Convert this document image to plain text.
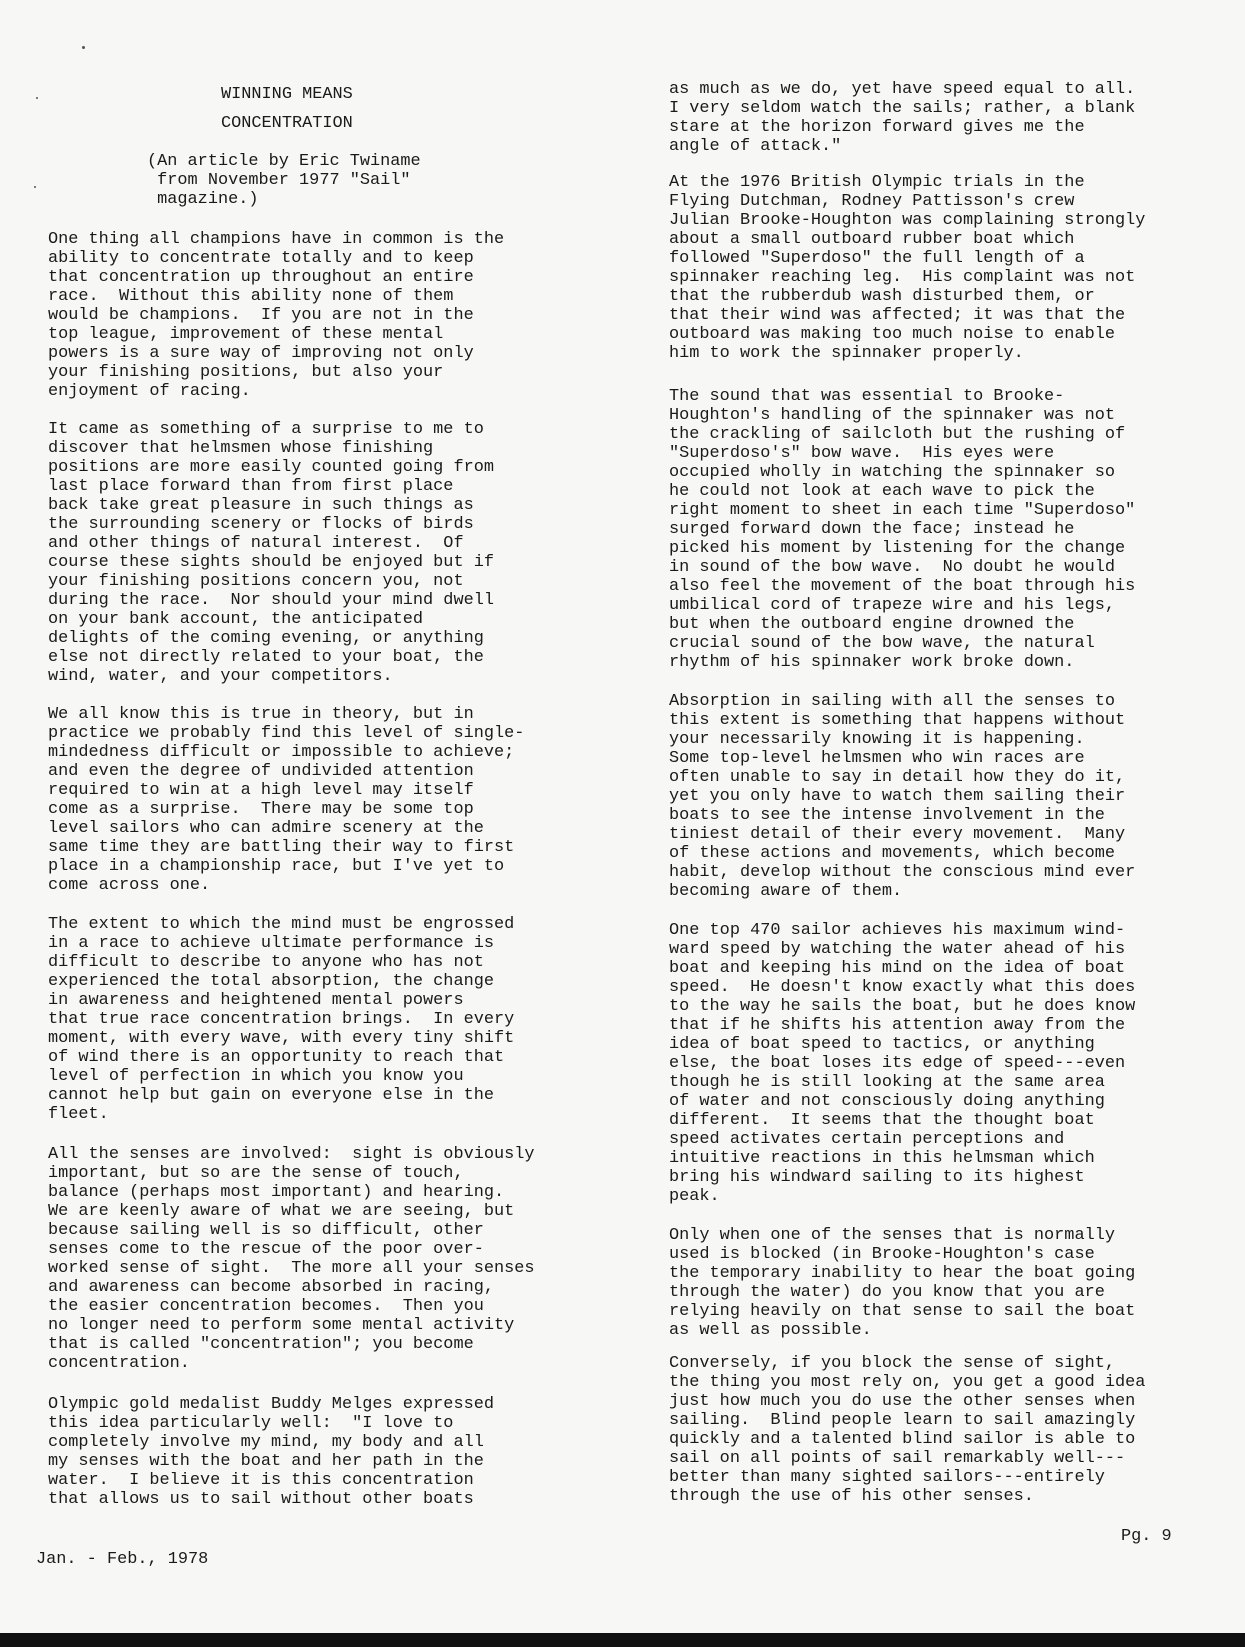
WINNING MEANS
CONCENTRATION
(An article by Eric Twiname
from November 1977 "Sail"
magazine.)
One thing all champions have in common is the
ability to concentrate totally and to keep
that concentration up throughout an entire
race.  Without this ability none of them
would be champions.  If you are not in the
top league, improvement of these mental
powers is a sure way of improving not only
your finishing positions, but also your
enjoyment of racing.
It came as something of a surprise to me to
discover that helmsmen whose finishing
positions are more easily counted going from
last place forward than from first place
back take great pleasure in such things as
the surrounding scenery or flocks of birds
and other things of natural interest.  Of
course these sights should be enjoyed but if
your finishing positions concern you, not
during the race.  Nor should your mind dwell
on your bank account, the anticipated
delights of the coming evening, or anything
else not directly related to your boat, the
wind, water, and your competitors.
We all know this is true in theory, but in
practice we probably find this level of single-
mindedness difficult or impossible to achieve;
and even the degree of undivided attention
required to win at a high level may itself
come as a surprise.  There may be some top
level sailors who can admire scenery at the
same time they are battling their way to first
place in a championship race, but I've yet to
come across one.
The extent to which the mind must be engrossed
in a race to achieve ultimate performance is
difficult to describe to anyone who has not
experienced the total absorption, the change
in awareness and heightened mental powers
that true race concentration brings.  In every
moment, with every wave, with every tiny shift
of wind there is an opportunity to reach that
level of perfection in which you know you
cannot help but gain on everyone else in the
fleet.
All the senses are involved:  sight is obviously
important, but so are the sense of touch,
balance (perhaps most important) and hearing.
We are keenly aware of what we are seeing, but
because sailing well is so difficult, other
senses come to the rescue of the poor over-
worked sense of sight.  The more all your senses
and awareness can become absorbed in racing,
the easier concentration becomes.  Then you
no longer need to perform some mental activity
that is called "concentration"; you become
concentration.
Olympic gold medalist Buddy Melges expressed
this idea particularly well:  "I love to
completely involve my mind, my body and all
my senses with the boat and her path in the
water.  I believe it is this concentration
that allows us to sail without other boats
as much as we do, yet have speed equal to all.
I very seldom watch the sails; rather, a blank
stare at the horizon forward gives me the
angle of attack."
At the 1976 British Olympic trials in the
Flying Dutchman, Rodney Pattisson's crew
Julian Brooke-Houghton was complaining strongly
about a small outboard rubber boat which
followed "Superdoso" the full length of a
spinnaker reaching leg.  His complaint was not
that the rubberdub wash disturbed them, or
that their wind was affected; it was that the
outboard was making too much noise to enable
him to work the spinnaker properly.
The sound that was essential to Brooke-
Houghton's handling of the spinnaker was not
the crackling of sailcloth but the rushing of
"Superdoso's" bow wave.  His eyes were
occupied wholly in watching the spinnaker so
he could not look at each wave to pick the
right moment to sheet in each time "Superdoso"
surged forward down the face; instead he
picked his moment by listening for the change
in sound of the bow wave.  No doubt he would
also feel the movement of the boat through his
umbilical cord of trapeze wire and his legs,
but when the outboard engine drowned the
crucial sound of the bow wave, the natural
rhythm of his spinnaker work broke down.
Absorption in sailing with all the senses to
this extent is something that happens without
your necessarily knowing it is happening.
Some top-level helmsmen who win races are
often unable to say in detail how they do it,
yet you only have to watch them sailing their
boats to see the intense involvement in the
tiniest detail of their every movement.  Many
of these actions and movements, which become
habit, develop without the conscious mind ever
becoming aware of them.
One top 470 sailor achieves his maximum wind-
ward speed by watching the water ahead of his
boat and keeping his mind on the idea of boat
speed.  He doesn't know exactly what this does
to the way he sails the boat, but he does know
that if he shifts his attention away from the
idea of boat speed to tactics, or anything
else, the boat loses its edge of speed---even
though he is still looking at the same area
of water and not consciously doing anything
different.  It seems that the thought boat
speed activates certain perceptions and
intuitive reactions in this helmsman which
bring his windward sailing to its highest
peak.
Only when one of the senses that is normally
used is blocked (in Brooke-Houghton's case
the temporary inability to hear the boat going
through the water) do you know that you are
relying heavily on that sense to sail the boat
as well as possible.
Conversely, if you block the sense of sight,
the thing you most rely on, you get a good idea
just how much you do use the other senses when
sailing.  Blind people learn to sail amazingly
quickly and a talented blind sailor is able to
sail on all points of sail remarkably well---
better than many sighted sailors---entirely
through the use of his other senses.
Jan. - Feb., 1978
Pg. 9
